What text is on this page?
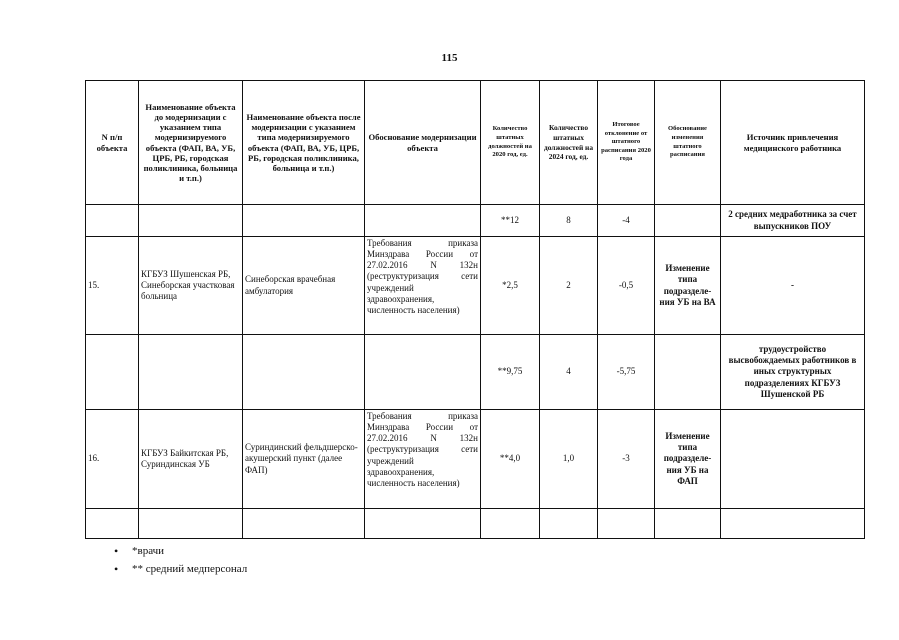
115
N п/п объекта	Наименование объекта до модернизации с указанием типа модернизируемого объекта (ФАП, ВА, УБ, ЦРБ, РБ, городская поликлиника, больница и т.п.)	Наименование объекта после модернизации с указанием типа модернизируемого объекта (ФАП, ВА, УБ, ЦРБ, РБ, городская поликлиника, больница и т.п.)	Обоснование модернизации объекта	Количество штатных должностей на 2020 год, ед.	Количество штатных должностей на 2024 год, ед.	Итоговое отклонение от штатного расписания 2020 года	Обоснование изменения штатного расписания	Источник привлечения медицинского работника
				**12	8	-4		2 средних медработника за счет выпускников ПОУ
15.	КГБУЗ Шушенская РБ, Синеборская участковая больница	Синеборская врачебная амбулатория	Требования приказа Минздрава России от 27.02.2016 N 132н (реструктуризация сети учреждений здравоохранения, численность населения)	*2,5	2	-0,5	Изменение типа подразделе-ния УБ на ВА	-
				**9,75	4	-5,75		трудоустройство высвобождаемых работников в иных структурных подразделениях КГБУЗ Шушенской РБ
16.	КГБУЗ Байкитская РБ, Суриндинская УБ	Суриндинский фельдшерско-акушерский пункт (далее ФАП)	Требования приказа Минздрава России от 27.02.2016 N 132н (реструктуризация сети учреждений здравоохранения, численность населения)	**4,0	1,0	-3	Изменение типа подразделе-ния УБ на ФАП	

• *врачи
• ** средний медперсонал
